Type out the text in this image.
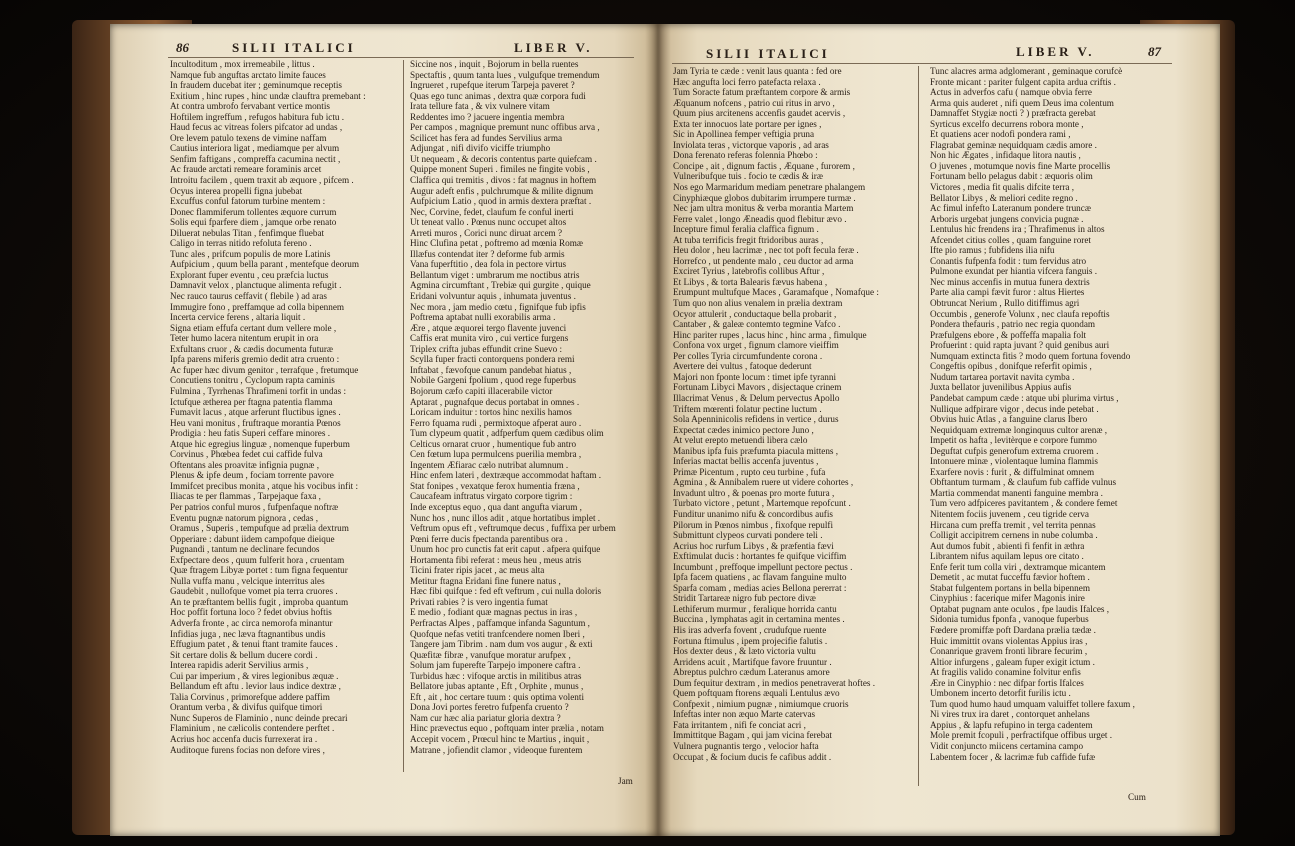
86	SILII ITALICI	LIBER V.	SILII ITALICI	LIBER V.	87
Incultoditum , mox irremeabile , littus .
Namque fub anguftas arctato limite fauces
In fraudem ducebat iter ; geminumque receptis
Exitium , hinc rupes , hinc undæ clauftra premebant :
At contra umbrofo fervabant vertice montis
Hoftilem ingreffum , refugos habitura fub ictu .
Haud fecus ac vitreas folers pifcator ad undas ,
Ore levem patulo texens de vimine naffam
Cautius interiora ligat , mediamque per alvum
Senfim faftigans , compreffa cacumina nectit ,
Ac fraude arctati remeare foraminis arcet
Introitu facilem , quem traxit ab æquore , pifcem .
Ocyus interea propelli figna jubebat
Excuffus conful fatorum turbine mentem :
Donec flammiferum tollentes æquore currum
Solis equi fparfere diem , jamque orbe renato
Diluerat nebulas Titan , fenfimque fluebat
Caligo in terras nitido refoluta fereno .
Tunc ales , prifcum populis de more Latinis
Aufpicium , quum bella parant , mentefque deorum
Explorant fuper eventu , ceu præfcia luctus
Damnavit velox , planctuque alimenta refugit .
Nec rauco taurus ceffavit ( flebile ) ad aras
Immugire fono , preffamque ad colla bipennem
Incerta cervice ferens , altaria liquit .
Signa etiam effufa certant dum vellere mole ,
Teter humo lacera nitentum erupit in ora
Exfultans cruor , & cædis documenta futuræ
Ipfa parens miferis gremio dedit atra cruento :
Ac fuper hæc divum genitor , terrafque , fretumque
Concutiens tonitru , Cyclopum rapta caminis
Fulmina , Tyrrhenas Thrafimeni torfit in undas :
Ictufque ætherea per ftagna patentia flamma
Fumavit lacus , atque arferunt fluctibus ignes .
Heu vani monitus , fruftraque morantia Pœnos
Prodigia : heu fatis Superi ceffare minores .
Atque hic egregius linguæ , nomenque fuperbum
Corvinus , Phœbea fedet cui caffide fulva
Oftentans ales proavitæ infignia pugnæ ,
Plenus & ipfe deum , fociam torrente pavore
Immifcet precibus monita , atque his vocibus infit :
Iliacas te per flammas , Tarpejaque faxa ,
Per patrios conful muros , fufpenfaque noftræ
Eventu pugnæ natorum pignora , cedas ,
Oramus , Superis , tempufque ad prælia dextrum
Opperiare : dabunt iidem campofque dieique
Pugnandi , tantum ne declinare fecundos
Exfpectare deos , quum fulferit hora , cruentam
Quæ ftragem Libyæ portet : tum figna fequentur
Nulla vuffa manu , velcique interritus ales
Gaudebit , nullofque vomet pia terra cruores .
An te præftantem bellis fugit , improba quantum
Hoc poffit fortuna loco ? fedet obvius hoftis
Adverfa fronte , ac circa nemorofa minantur
Infidias juga , nec læva ftagnantibus undis
Effugium patet , & tenui ftant tramite fauces .
Sit certare dolis & bellum ducere cordi .
Interea rapidis aderit Servilius armis ,
Cui par imperium , & vires legionibus æquæ .
Bellandum eft aftu . levior laus indice dextræ ,
Talia Corvinus , primorefque addere paffim
Orantum verba , & divifus quifque timori
Nunc Superos de Flaminio , nunc deinde precari
Flaminium , ne cælicolis contendere perftet .
Acrius hoc accenfa ducis furrexerat ira .
Auditoque furens focias non defore vires ,
Siccine nos , inquit , Bojorum in bella ruentes
Spectaftis , quum tanta lues , vulgufque tremendum
Ingrueret , rupefque iterum Tarpeja paveret ?
Quas ego tunc animas , dextra quæ corpora fudi
Irata tellure fata , & vix vulnere vitam
Reddentes imo ? jacuere ingentia membra
Per campos , magnique premunt nunc offibus arva ,
Scilicet has fera ad fundes Servilius arma
Adjungat , nifi divifo viciffe triumpho
Ut nequeam , & decoris contentus parte quiefcam .
Quippe monent Superi . fimiles ne fingite vobis ,
Claffica qui tremitis , divos : fat magnus in hoftem
Augur adeft enfis , pulchrumque & milite dignum
Aufpicium Latio , quod in armis dextera præftat .
Nec, Corvine, fedet, claufum fe conful inerti
Ut teneat vallo . Pœnus nunc occupet altos
Arreti muros , Corici nunc diruat arcem ?
Hinc Clufina petat , poftremo ad mœnia Romæ
Illæfus contendat iter ? deforme fub armis
Vana fuperftitio , dea fola in pectore virtus
Bellantum viget : umbrarum me noctibus atris
Agmina circumftant , Trebiæ qui gurgite , quique
Eridani volvuntur aquis , inhumata juventus .
Nec mora , jam medio cœtu , fignifque fub ipfis
Poftrema aptabat nulli exorabilis arma .
Ære , atque æquorei tergo flavente juvenci
Caffis erat munita viro , cui vertice furgens
Triplex crifta jubas effundit crine Suevo :
Scylla fuper fracti contorquens pondera remi
Inftabat , fævofque canum pandebat hiatus ,
Nobile Gargeni fpolium , quod rege fuperbus
Bojorum cæfo capiti illacerabile victor
Aptarat , pugnafque decus portabat in omnes .
Loricam induitur : tortos hinc nexilis hamos
Ferro fquama rudi , permixtoque afperat auro .
Tum clypeum quatit , adfperfum quem cædibus olim
Celticus ornarat cruor , humentique fub antro
Cen fœtum lupa permulcens puerilia membra ,
Ingentem Æfiarac cælo nutribat alumnum .
Hinc enfem lateri , dextræque accommodat haftam .
Stat fonipes , vexatque ferox humentia fræna ,
Caucafeam inftratus virgato corpore tigrim :
Inde exceptus equo , qua dant angufta viarum ,
Nunc hos , nunc illos adit , atque hortatibus implet .
Veftrum opus eft , veftrumque decus , fuffixa per urbem
Pœni ferre ducis fpectanda parentibus ora .
Unum hoc pro cunctis fat erit caput . afpera quifque
Hortamenta fibi referat : meus heu , meus atris
Ticini frater ripis jacet , ac meus alta
Metitur ftagna Eridani fine funere natus ,
Hæc fibi quifque : fed eft veftrum , cui nulla doloris
Privati rabies ? is vero ingentia fumat
E medio , fodiant quæ magnas pectus in iras ,
Perfractas Alpes , paffamque infanda Saguntum ,
Quofque nefas vetiti tranfcendere nomen Iberi ,
Tangere jam Tibrim . nam dum vos augur , & exti
Quæfitæ fibræ , vanufque moratur arufpex ,
Solum jam fuperefte Tarpejo imponere caftra .
Turbidus hæc : vifoque arctis in militibus atras
Bellatore jubas aptante , Eft , Orphite , munus ,
Eft , ait , hoc certare tuum : quis optima volenti
Dona Jovi portes feretro fufpenfa cruento ?
Nam cur hæc alia pariatur gloria dextra ?
Hinc prævectus equo , poftquam inter prælia , notam
Accepit vocem , Prœcul hinc te Martius , inquit ,
Matrane , jofiendit clamor , videoque furentem
Jam
Jam Tyria te cæde : venit laus quanta : fed ore
Hæc angufta loci ferro patefacta relaxa .
Tum Soracte fatum præftantem corpore & armis
Æquanum nofcens , patrio cui ritus in arvo ,
Quum pius arcitenens accenfis gaudet acervis ,
Exta ter innocuos late portare per ignes ,
Sic in Apollinea femper veftigia pruna
Inviolata teras , victorque vaporis , ad aras
Dona ferenato referas folennia Phœbo :
Concipe , ait , dignum factis , Æquane , furorem ,
Vulneribufque tuis . focio te cædis & iræ
Nos ego Marmaridum mediam penetrare phalangem
Cinyphiæque globos dubitarim irrumpere turmæ .
Nec jam ultra monitus & verba morantia Martem
Ferre valet , longo Æneadis quod flebitur ævo .
Incepture fimul feralia claffica fignum .
At tuba terrificis fregit ftridoribus auras ,
Heu dolor , heu lacrimæ , nec tot poft fecula feræ .
Horrefco , ut pendente malo , ceu ductor ad arma
Exciret Tyrius , latebrofis collibus Aftur ,
Et Libys , & torta Balearis fævus habena ,
Erumpunt multufque Maces , Garamafque , Nomafque :
Tum quo non alius venalem in prælia dextram
Ocyor attulerit , conductaque bella probarit ,
Cantaber , & galeæ contemto tegmine Vafco .
Hinc pariter rupes , lacus hinc , hinc arma , fimulque
Confona vox urget , fignum clamore vieiffim
Per colles Tyria circumfundente corona .
Avertere dei vultus , fatoque dederunt
Majori non fponte locum : timet ipfe tyranni
Fortunam Libyci Mavors , disjectaque crinem
Illacrimat Venus , & Delum pervectus Apollo
Triftem mœrenti folatur pectine luctum .
Sola Apenninicolis refidens in vertice , durus
Expectat cædes inimico pectore Juno ,
At velut erepto metuendi libera cælo
Manibus ipfa fuis præfumta piacula mittens ,
Inferias mactat bellis accenfa juventus ,
Primæ Picentum , rupto ceu turbine , fufa
Agmina , & Annibalem ruere ut videre cohortes ,
Invadunt ultro , & poenas pro morte futura ,
Turbato victore , petunt , Martemque repofcunt .
Funditur unanimo nifu & concordibus aufis
Pilorum in Pœnos nimbus , fixofque repulfi
Submittunt clypeos curvati pondere teli .
Acrius hoc rurfum Libys , & præfentia fævi
Exftimulat ducis : hortantes fe quifque viciffim
Incumbunt , preffoque impellunt pectore pectus .
Ipfa facem quatiens , ac flavam fanguine multo
Sparfa comam , medias acies Bellona pererrat :
Stridit Tartareæ nigro fub pectore divæ
Lethiferum murmur , feralique horrida cantu
Buccina , lymphatas agit in certamina mentes .
His iras adverfa fovent , crudufque ruente
Fortuna ftimulus , ipem projecifie falutis .
Hos dexter deus , & læto victoria vultu
Arridens acuit , Martifque favore fruuntur .
Abreptus pulchro cædum Lateranus amore
Dum fequitur dextram , in medios penetraverat hoftes .
Quem poftquam ftorens æquali Lentulus ævo
Confpexit , nimium pugnæ , nimiumque cruoris
Infeftas inter non æquo Marte catervas
Fata irritantem , nifi fe conciat acri ,
Immittitque Bagam , qui jam vicina ferebat
Vulnera pugnantis tergo , velocior hafta
Occupat , & focium ducis fe cafibus addit .
Tunc alacres arma adglomerant , geminaque corufcè
Fronte micant : pariter fulgent capita ardua criftis .
Actus in adverfos cafu ( namque obvia ferre
Arma quis auderet , nifi quem Deus ima colentum
Damnaffet Stygiæ nocti ? ) præfracta gerebat
Syrticus excelfo decurrens robora monte ,
Et quatiens acer nodofi pondera rami ,
Flagrabat geminæ nequidquam cædis amore .
Non hic Ægates , infidaque litora nautis ,
O juvenes , motumque novis fine Marte procellis
Fortunam bello pelagus dabit : æquoris olim
Victores , media fit qualis difcite terra ,
Bellator Libys , & meliori cedite regno .
Ac fimul infefto Lateranum pondere truncæ
Arboris urgebat jungens convicia pugnæ .
Lentulus hic frendens ira ; Thrafimenus in altos
Afcendet citius colles , quam fanguine roret
Ifte pio ramus ; fubfidens ilia nifu
Conantis fufpenfa fodit : tum fervidus atro
Pulmone exundat per hiantia vifcera fanguis .
Nec minus accenfis in mutua funera dextris
Parte alia campi fævit furor : altus Hiertes
Obtruncat Nerium , Rullo ditiffimus agri
Occumbis , generofe Volunx , nec claufa repoftis
Pondera thefauris , patrio nec regia quondam
Præfulgens ebore , & poffeffa mapalia folt
Profuerint : quid rapta juvant ? quid genibus auri
Numquam extincta fitis ? modo quem fortuna fovendo
Congeftis opibus , donifque referfit opimis ,
Nudum tartarea portavit navita cymba .
Juxta bellator juvenilibus Appius aufis
Pandebat campum cæde : atque ubi plurima virtus ,
Nullique adfpirare vigor , decus inde petebat .
Obvius huic Atlas , a fanguine clarus Ibero
Nequidquam extremæ longinquus cultor arenæ ,
Impetit os hafta , levitèrque e corpore fummo
Deguftat cufpis generofum extrema cruorem .
Intonuere minæ , violentaque lumina flammis
Exarfere novis : furit , & diffulminat omnem
Obftantum turmam , & claufum fub caffide vulnus
Martia commendat manenti fanguine membra .
Tum vero adfpiceres pavitantem , & condere femet
Nitentem fociis juvenem , ceu tigride cerva
Hircana cum preffa tremit , vel territa pennas
Colligit accipitrem cernens in nube columba .
Aut dumos fubit , abienti fi fenfit in æthra
Librantem nifus aquilam lepus ore citato .
Enfe ferit tum colla viri , dextramque micantem
Demetit , ac mutat fucceffu fævior hoftem .
Stabat fulgentem portans in bella bipennem
Cinyphius : facerique mifer Magonis inire
Optabat pugnam ante oculos , fpe laudis Ifalces ,
Sidonia tumidus fponfa , vanoque fuperbus
Fœdere promiffæ poft Dardana prælia tædæ .
Huic immittit ovans violentas Appius iras ,
Conanrique gravem fronti librare fecurim ,
Altior infurgens , galeam fuper exigit ictum .
At fragilis valido conamine folvitur enfis
Ære in Cinyphio : nec difpar fortis Ifalces
Umbonem incerto detorfit furilis ictu .
Tum quod humo haud umquam valuiffet tollere faxum ,
Ni vires trux ira daret , contorquet anhelans
Appius , & lapfu refupino in terga cadentem
Mole premit fcopuli , perfractifque offibus urget .
Vidit conjuncto miicens certamina campo
Labentem focer , & lacrimæ fub caffide fufæ
Cum
